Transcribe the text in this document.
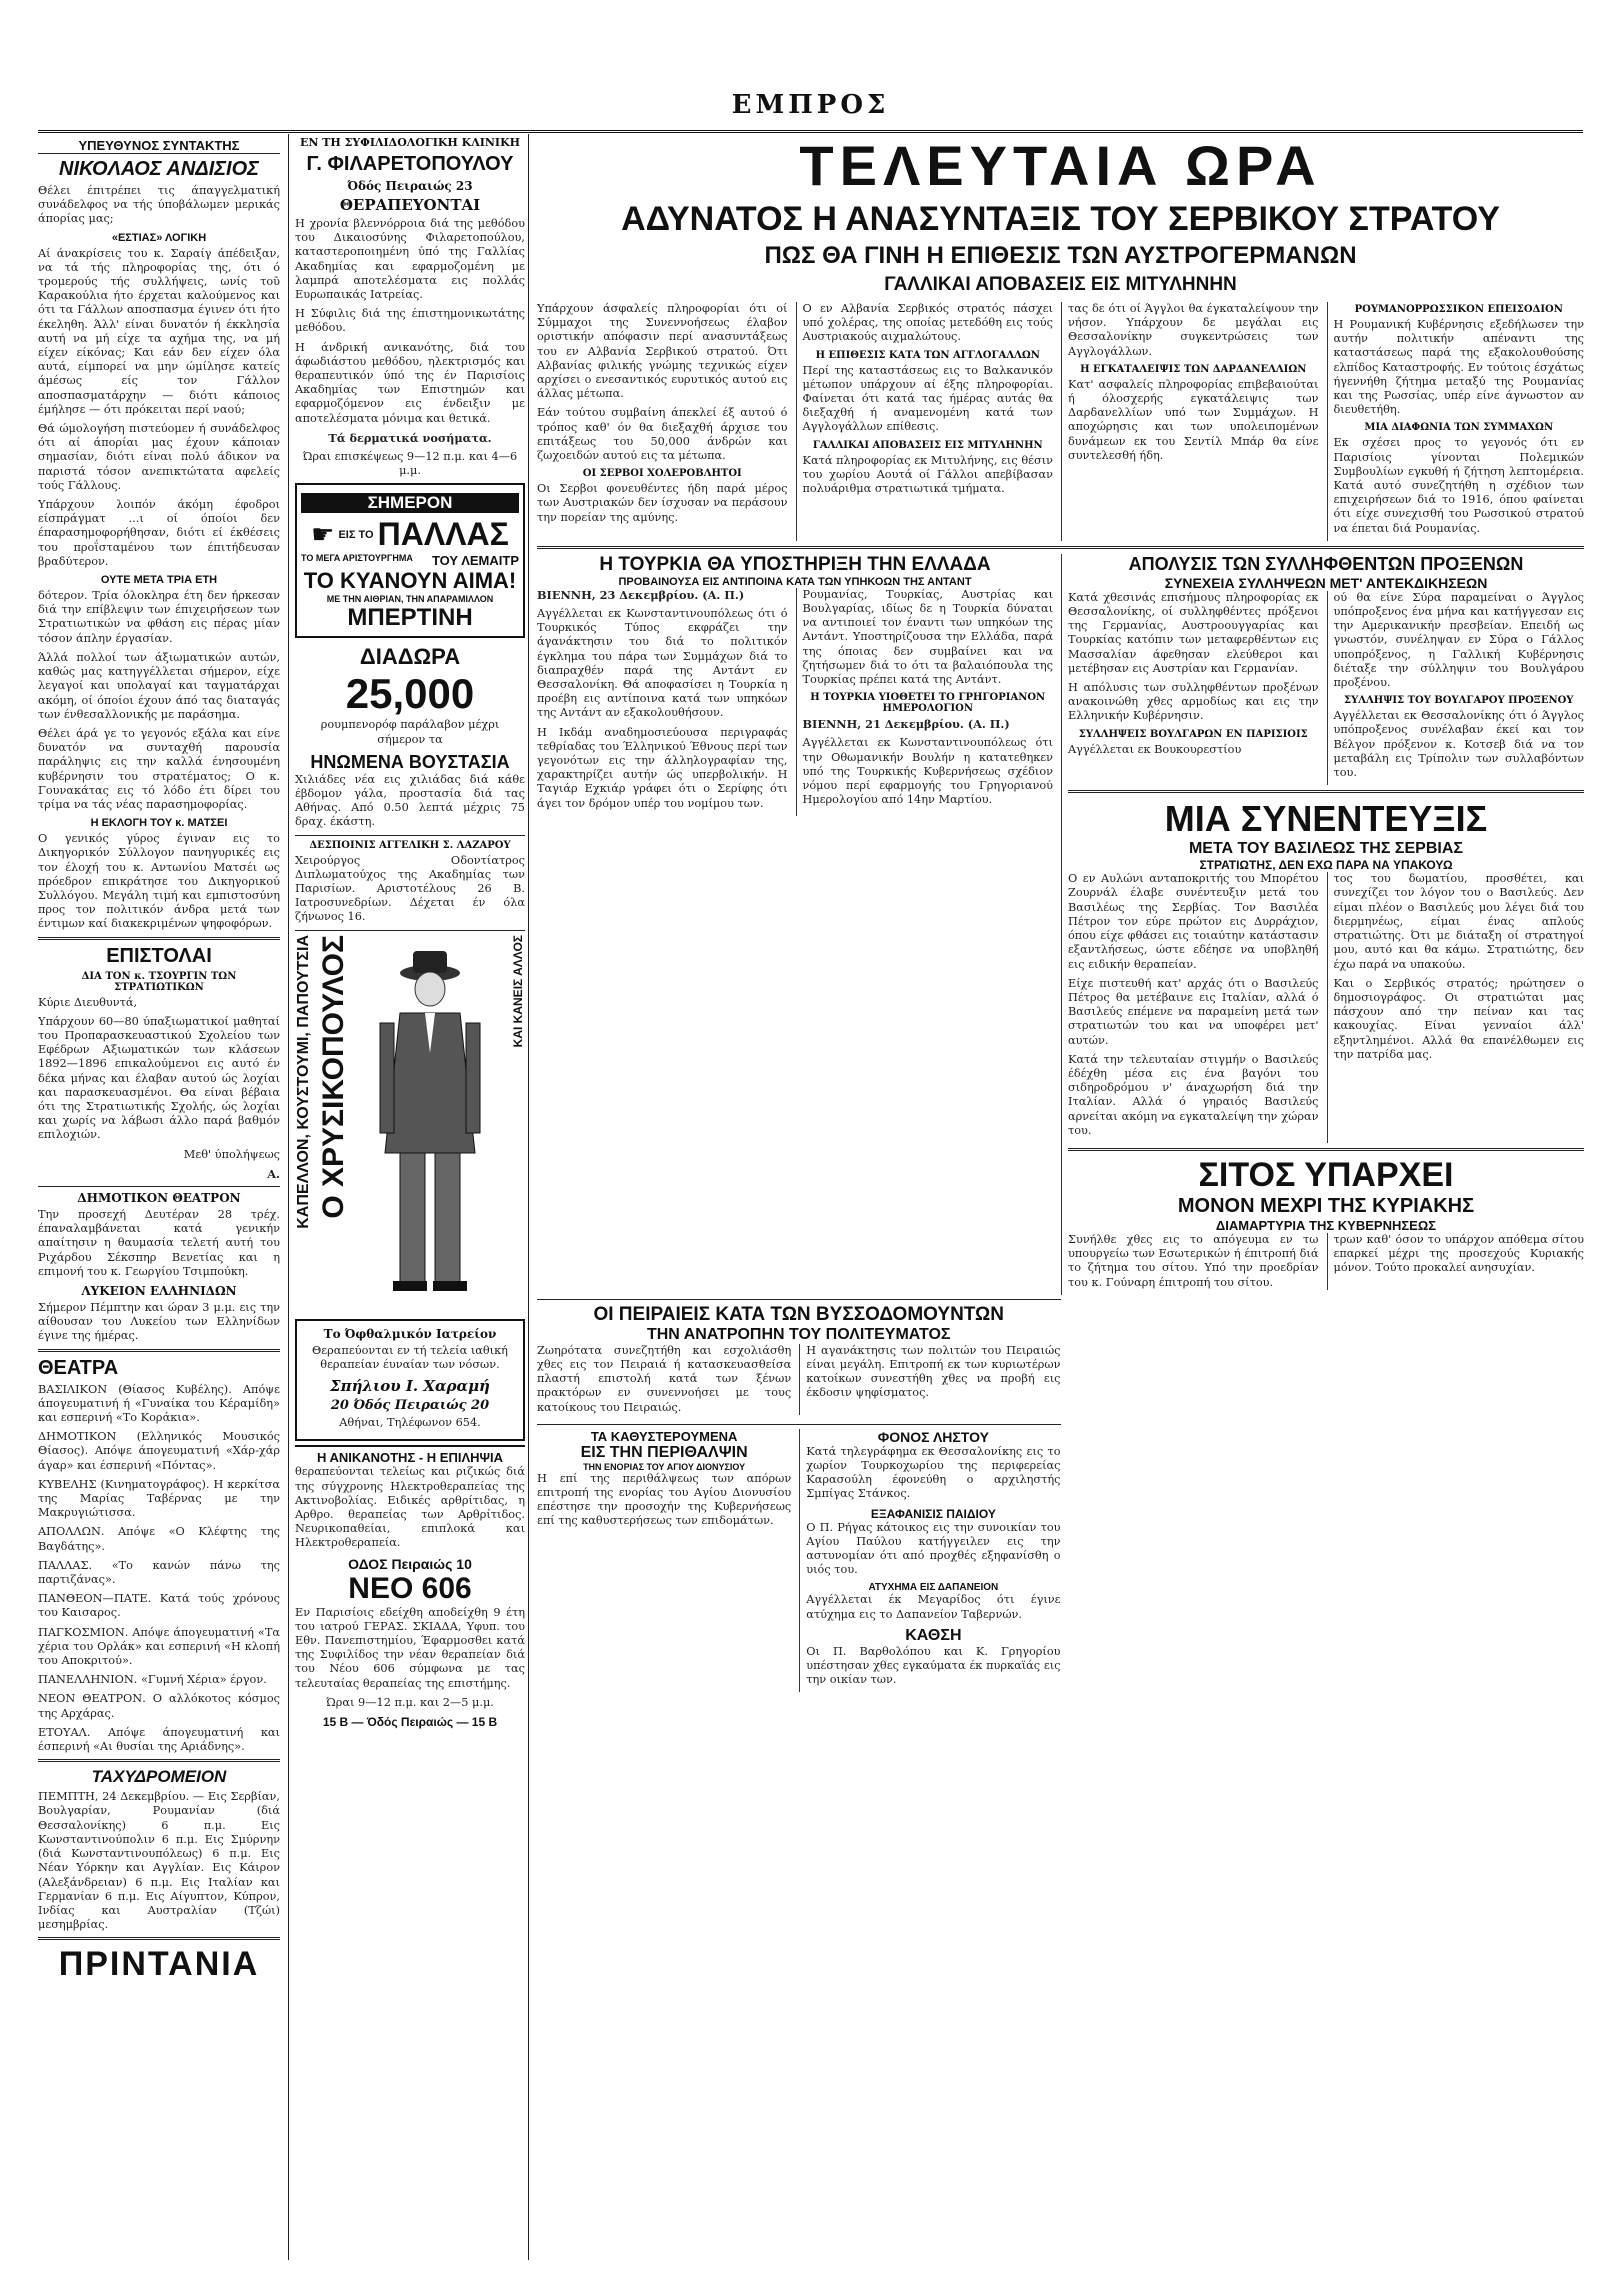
ΕΜΠΡΟΣ
ΥΠΕΥΘΥΝΟΣ ΣΥΝΤΑΚΤΗΣ
ΝΙΚΟΛΑΟΣ ΑΝΔΙΣΙΟΣ

Θέλει έπιτρέπει τις άπαγγελματική συνάδελφος να τής ύποβάλωμεν μερικάς άπορίας μας;

«ΕΣΤΙΑΣ» ΛΟΓΙΚΗ

Αί άνακρίσεις του κ. Σαραίγ άπέδειξαν, να τά τής πληροφορίας της, ότι ό τρομερούς τής συλλήψεις, ωνίς τοῦ Καρακούλια ήτο έρχεται καλούμενος και ότι τα Γάλλων αποσπασμα έγινεν ότι ήτο έκεληθη. Άλλ' είναι δυνατόν ή έκκλησία αυτή να μή είχε τα αχήμα της, να μή είχεν είκόνας; Και εάν δεν είχεν όλα αυτά, είμπορεί να μην ώμίλησε κατείς άμέσως είς τον Γάλλον αποσπασματάρχην — διότι κάποιος έμήλησε — ότι πρόκειται περί ναού;

Θά ώμολογήση πιστεύομεν ή συνάδελφος ότι αί άπορίαι μας έχουν κάποιαν σημασίαν, διότι είναι πολύ άδικον να παριστά τόσον ανεπικτώτατα αφελείς τούς Γάλλους.

Υπάρχουν λοιπόν άκόμη έφοδροι είσπράγματ ...ι οί όποίοι δεν έπαρασημοφορήθησαν, διότι εί έκθέσεις του προΐσταμένου των έπιτήδευσαν βραδύτερον.

ΟΥΤΕ ΜΕΤΑ ΤΡΙΑ ΕΤΗ

δότερον. Τρία όλοκληρα έτη δεν ήρκεσαν διά την επίβλεψιν των έπιχειρήσεων των Στρατιωτικών να φθάση εις πέρας μίαν τόσον άπλην έργασίαν.

Άλλά πολλοί των άξιωματικών αυτών, καθώς μας κατηγγέλλεται σήμερον, είχε λεγαγοί και υπολαγαί και ταγματάρχαι ακόμη, οί όποίοι έχουν άπό τας διαταγάς των ένθεσαλλονικής με παράσημα.

Θέλει άρά γε το γεγονός εξάλα και είνε δυνατόν να συνταχθή παρουσία παράληψις εις την καλλά ένησουμένη κυβέρνησιν του στρατέματος; Ο κ. Γουνακάτας εις τό λόδο έτι δίρει του τρίμα να τάς νέας παρασημοφορίας.

Η ΕΚΛΟΓΗ ΤΟΥ κ. ΜΑΤΣΕΙ

Ο γενικός γύρος έγιναν εις το Δικηγορικόν Σύλλογον πανηγυρικές εις τον έλοχή του κ. Αντωνίου Ματσέι ως πρόεδρον επικράτησε του Δικηγορικού Συλλόγου. Μεγάλη τιμή και εμπιστοσύνη προς τον πολιτικόν άνδρα μετά των έντιμων καί διακεκριμένων ψηφοφόρων.

ΕΠΙΣΤΟΛΑΙ
ΔΙΑ ΤΟΝ κ. ΤΣΟΥΡΓΙΝ ΤΩΝ ΣΤΡΑΤΙΩΤΙΚΩΝ

Κύριε Διευθυντά,

Υπάρχουν 60—80 ύπαξιωματικοί μαθηταί του Προπαρασκευαστικού Σχολείου των Εφέδρων Αξιωματικών των κλάσεων 1892—1896 επικαλούμενοι εις αυτό έν δέκα μήνας και έλαβαν αυτού ώς λοχίαι και παρασκευασμένοι. Θα είναι βέβαια ότι της Στρατιωτικής Σχολής, ώς λοχίαι και χωρίς να λάβωσι άλλο παρά βαθμόν επιλοχιών.

Μεθ' ύπολήψεως

Α.

ΔΗΜΟΤΙΚΟΝ ΘΕΑΤΡΟΝ

Την προσεχή Δευτέραν 28 τρέχ. έπαναλαμβάνεται κατά γενικήν απαίτησιν η θαυμασία τελετή αυτή του Ριχάρδου Σέκσπηρ Βενετίας και η επιμονή του κ. Γεωργίου Τσιμπούκη.

ΛΥΚΕΙΟΝ ΕΛΛΗΝΙΔΩΝ

Σήμερον Πέμπτην και ώραν 3 μ.μ. εις την αίθουσαν του Λυκείου των Ελληνίδων έγινε της ήμέρας.

ΘΕΑΤΡΑ

ΒΑΣΙΛΙΚΟΝ (Θίασος Κυβέλης). Απόψε άπογευματινή ή «Γυναίκα του Κέραμίδη» και εσπερινή «Το Κοράκια».

ΔΗΜΟΤΙΚΟΝ (Ελληνικός Μουσικός Θίασος). Απόψε άπογευματινή «Χάρ-χάρ άγαρ» και έσπερινή «Πόντας».

ΚΥΒΕΛΗΣ (Κινηματογράφος). Η κερκίτσα της Μαρίας Ταβέρνας με την Μακρυγιώτισσα.

ΑΠΟΛΛΩΝ. Απόψε «Ο Κλέφτης της Βαγδάτης».

ΠΑΛΛΑΣ. «Το κανών πάνω της παρτιζάνας».

ΠΑΝΘΕΟΝ—ΠΑΤΕ. Κατά τούς χρόνους του Καισαρος.

ΠΑΓΚΟΣΜΙΟΝ. Απόψε άπογευματινή «Τα χέρια του Ορλάκ» και εσπερινή «Η κλοπή του Αποκριτού».

ΠΑΝΕΛΛΗΝΙΟΝ. «Γυμνή Χέρια» έργον.

ΝΕΟΝ ΘΕΑΤΡΟΝ. Ο αλλόκοτος κόσμος της Αρχάρας.

ΕΤΟΥΑΛ. Απόψε άπογευματινή και έσπερινή «Αι θυσίαι της Αριάδνης».

ΤΑΧΥΔΡΟΜΕΙΟΝ

ΠΕΜΠΤΗ, 24 Δεκεμβρίου. — Εις Σερβίαν, Βουλγαρίαν, Ρουμανίαν (διά Θεσσαλονίκης) 6 π.μ. Εις Κωνσταντινούπολιν 6 π.μ. Εις Σμύρνην (διά Κωνσταντινουπόλεως) 6 π.μ. Εις Νέαν Υόρκην και Αγγλίαν. Εις Κάιρον (Αλεξάνδρειαν) 6 π.μ. Εις Ιταλίαν και Γερμανίαν 6 π.μ. Εις Αίγυπτον, Κύπρον, Ινδίας και Αυστραλίαν (Τζώι) μεσημβρίας.

ΠΡΙΝΤΑΝΙΑ
ΕΝ ΤΗ ΣΥΦΙΛΙΔΟΛΟΓΙΚΗ ΚΛΙΝΙΚΗ
Γ. ΦΙΛΑΡΕΤΟΠΟΥΛΟΥ
Όδός Πειραιώς 23
ΘΕΡΑΠΕΥΟΝΤΑΙ

Η χρονία βλεννόρροια διά της μεθόδου του Δικαιοσύνης Φιλαρετοπούλου, καταστεροποιημένη ύπό της Γαλλίας Ακαδημίας και εφαρμοζομένη με λαμπρά αποτελέσματα εις πολλάς Ευρωπαικάς Ιατρείας.

Η Σύφιλις διά της έπιστημονικωτάτης μεθόδου.

Η άνδρική ανικανότης, διά του άφωδιάστου μεθόδου, ηλεκτρισμός και θεραπευτικόν ύπό της έν Παρισίοις Ακαδημίας των Επιστημών και εφαρμοζόμενον εις ένδειξιν με αποτελέσματα μόνιμα και θετικά.

Τά δερματικά νοσήματα.

Ώραι επισκέψεως 9—12 π.μ. και 4—6 μ.μ.

ΣΗΜΕΡΟΝ
☛ ΕΙΣ ΤΟ ΠΑΛΛΑΣ
ΤΟ ΜΕΓΑ ΑΡΙΣΤΟΥΡΓΗΜΑ ΤΟΥ ΛΕΜΑΙΤΡ
ΤΟ ΚΥΑΝΟΥΝ ΑΙΜΑ!
ΜΕ ΤΗΝ ΑΙΘΡΙΑΝ, ΤΗΝ ΑΠΑΡΑΜΙΛΛΟΝ
ΜΠΕΡΤΙΝΗ
ΔΙΑΔΩΡΑ
25,000

ρουμπενορόφ παράλαβον μέχρι σήμερον τα

ΗΝΩΜΕΝΑ ΒΟΥΣΤΑΣΙΑ

Χιλιάδες νέα εις χιλιάδας διά κάθε έβδομον γάλα, προστασία διά τας Αθήνας. Από 0.50 λεπτά μέχρις 75 δραχ. έκάστη.

ΔΕΣΠΟΙΝΙΣ ΑΓΓΕΛΙΚΗ Σ. ΛΑΖΑΡΟΥ

Χειρούργος Οδοντίατρος Διπλωματούχος της Ακαδημίας των Παρισίων. Αριστοτέλους 26 Β. Ιατροσυνεδρίων. Δέχεται έν όλα ζήνωνος 16.

ΚΑΠΕΛΛΟΝ, ΚΟΥΣΤΟΥΜΙ, ΠΑΠΟΥΤΣΙΑ Ο ΧΡΥΣΙΚΟΠΟΥΛΟΣ	ΚΑΙ ΚΑΝΕΙΣ ΑΛΛΟΣ
Το Όφθαλμικόν Ιατρείον

Θεραπεύονται εν τή τελεία ιαθική θεραπείαν έυναίαν των νόσων.

Σπήλιου Ι. Χαραμή
20 Όδός Πειραιώς 20

Αθήναι, Τηλέφωνον 654.

Η ΑΝΙΚΑΝΟΤΗΣ - Η ΕΠΙΛΗΨΙΑ

θεραπεύονται τελείως και ριζικώς διά της σύγχρονης Ηλεκτροθεραπείας της Ακτινοβολίας. Ειδικές αρθρίτιδας, η Αρθρο. θεραπείας των Αρθρίτιδος. Νευρικοπαθείαι, επιπλοκά και Ηλεκτροθεραπεία.

ΟΔΟΣ Πειραιώς 10
ΝΕΟ 606

Εν Παρισίοις εδείχθη αποδείχθη 9 έτη του ιατρού ΓΕΡΑΣ. ΣΚΙΑΔΑ, Υφυπ. του Εθν. Πανεπιστημίου, Έφαρμοσθει κατά της Συφιλίδος την νέαν θεραπείαν διά του Νέου 606 σύμφωνα με τας τελευταίας θεραπείας της επιστήμης.

Ώραι 9—12 π.μ. και 2—5 μ.μ.

15 Β — Όδός Πειραιώς — 15 Β
ΤΕΛΕΥΤΑΙΑ ΩΡΑ
ΑΔΥΝΑΤΟΣ Η ΑΝΑΣΥΝΤΑΞΙΣ ΤΟΥ ΣΕΡΒΙΚΟΥ ΣΤΡΑΤΟΥ
ΠΩΣ ΘΑ ΓΙΝΗ Η ΕΠΙΘΕΣΙΣ ΤΩΝ ΑΥΣΤΡΟΓΕΡΜΑΝΩΝ
ΓΑΛΛΙΚΑΙ ΑΠΟΒΑΣΕΙΣ ΕΙΣ ΜΙΤΥΛΗΝΗΝ

Υπάρχουν άσφαλείς πληροφορίαι ότι οί Σύμμαχοι της Συνεννοήσεως έλαβον οριστικήν απόφασιν περί ανασυντάξεως του εν Αλβανία Σερβικού στρατού. Ότι Αλβανίας φιλικής γνώμης τεχνικώς είχεν αρχίσει ο ενεσαντικός ευρυτικός αυτού εις άλλας μέτωπα.

Εάν τούτου συμβαίνη άπεκλεί έξ αυτού ό τρόπος καθ' όν θα διεξαχθή άρχισε του επιτάξεως του 50,000 άνδρών και ζωχοειδών αυτού εις τα μέτωπα.

ΟΙ ΣΕΡΒΟΙ ΧΟΛΕΡΟΒΛΗΤΟΙ

Οι Σερβοι φονευθέντες ήδη παρά μέρος των Αυστριακών δεν ίσχυσαν να περάσουν την πορείαν της αμύνης.

Ο εν Αλβανία Σερβικός στρατός πάσχει υπό χολέρας, της οποίας μετεδόθη εις τούς Αυστριακούς αιχμαλώτους.

Η ΕΠΙΘΕΣΙΣ ΚΑΤΑ ΤΩΝ ΑΓΓΛΟΓΑΛΛΩΝ

Περί της καταστάσεως εις το Βαλκανικόν μέτωπον υπάρχουν αί έξης πληροφορίαι. Φαίνεται ότι κατά τας ήμέρας αυτάς θα διεξαχθή ή αναμενομένη κατά των Αγγλογάλλων επίθεσις.

ΓΑΛΛΙΚΑΙ ΑΠΟΒΑΣΕΙΣ ΕΙΣ ΜΙΤΥΛΗΝΗΝ

Κατά πληροφορίας εκ Μιτυλήνης, εις θέσιν του χωρίου Αουτά οί Γάλλοι απεβίβασαν πολυάριθμα στρατιωτικά τμήματα.

τας δε ότι οί Άγγλοι θα έγκαταλείψουν την νήσον. Υπάρχουν δε μεγάλαι εις Θεσσαλονίκην συγκεντρώσεις των Αγγλογάλλων.

Η ΕΓΚΑΤΑΛΕΙΨΙΣ ΤΩΝ ΔΑΡΔΑΝΕΛΛΙΩΝ

Κατ' ασφαλείς πληροφορίας επιβεβαιούται ή όλοσχερής εγκατάλειψις των Δαρδανελλίων υπό των Συμμάχων. Η αποχώρησις και των υπολειπομένων δυνάμεων εκ του Σεντίλ Μπάρ θα είνε συντελεσθή ήδη.

ΡΟΥΜΑΝΟΡΡΩΣΣΙΚΟΝ ΕΠΕΙΣΟΔΙΟΝ

Η Ρουμανική Κυβέρνησις εξεδήλωσεν την αυτήν πολιτικήν απέναντι της καταστάσεως παρά της εξακολουθούσης ελπίδος Καταστροφής. Εν τούτοις έσχάτως ήγεννήθη ζήτημα μεταξύ της Ρουμανίας και της Ρωσσίας, υπέρ είνε άγνωστον αν διευθετήθη.

ΜΙΑ ΔΙΑΦΩΝΙΑ ΤΩΝ ΣΥΜΜΑΧΩΝ

Εκ σχέσει προς το γεγονός ότι εν Παρισίοις γίνονται Πολεμικών Συμβουλίων εγκυθή ή ζήτηση λεπτομέρεια. Κατά αυτό συνεζητήθη η σχέδιον των επιχειρήσεων διά το 1916, όπου φαίνεται ότι είχε συνεχισθή του Ρωσσικού στρατού να έπεται διά Ρουμανίας.

Η ΤΟΥΡΚΙΑ ΘΑ ΥΠΟΣΤΗΡΙΞΗ ΤΗΝ ΕΛΛΑΔΑ
ΠΡΟΒΑΙΝΟΥΣΑ ΕΙΣ ΑΝΤΙΠΟΙΝΑ ΚΑΤΑ ΤΩΝ ΥΠΗΚΟΩΝ ΤΗΣ ΑΝΤΑΝΤ

ΒΙΕΝΝΗ, 23 Δεκεμβρίου. (Α. Π.)

Αγγέλλεται εκ Κωνσταντινουπόλεως ότι ό Τουρκικός Τύπος εκφράζει την άγανάκτησιν του διά το πολιτικόν έγκλημα του πάρα των Συμμάχων διά το διαπραχθέν παρά της Αντάντ εν Θεσσαλονίκη. Θά αποφασίσει η Τουρκία η προέβη εις αντίποινα κατά των υπηκόων της Αντάντ αν εξακολουθήσουν.

Η Ικδάμ αναδημοσιεύουσα περιγραφάς τεθρίαδας του Έλληνικού Έθνους περί των γεγονότων εις την άλληλογραφίαν της, χαρακτηρίζει αυτήν ώς υπερβολικήν. Η Ταγιάρ Εχκιάρ γράφει ότι ο Σερίφης ότι άγει τον δρόμον υπέρ του νομίμου των.

Ρουμανίας, Τουρκίας, Αυστρίας και Βουλγαρίας, ιδίως δε η Τουρκία δύναται να αντιποιεί τον έναντι των υπηκόων της Αντάντ. Υποστηρίζουσα την Ελλάδα, παρά της όποιας δεν συμβαίνει και να ζητήσωμεν διά το ότι τα βαλαιόπουλα της Τουρκίας πρέπει κατά της Αντάντ.

Η ΤΟΥΡΚΙΑ ΥΙΟΘΕΤΕΙ ΤΟ ΓΡΗΓΟΡΙΑΝΟΝ ΗΜΕΡΟΛΟΓΙΟΝ

ΒΙΕΝΝΗ, 21 Δεκεμβρίου. (Α. Π.)

Αγγέλλεται εκ Κωνσταντινουπόλεως ότι την Οθωμανικήν Βουλήν η κατατεθηκεν υπό της Τουρκικής Κυβερνήσεως σχέδιον νόμου περί εφαρμογής του Γρηγοριανού Ημερολογίου από 14ην Μαρτίου.

ΑΠΟΛΥΣΙΣ ΤΩΝ ΣΥΛΛΗΦΘΕΝΤΩΝ ΠΡΟΞΕΝΩΝ
ΣΥΝΕΧΕΙΑ ΣΥΛΛΗΨΕΩΝ ΜΕΤ' ΑΝΤΕΚΔΙΚΗΣΕΩΝ

Κατά χθεσινάς επισήμους πληροφορίας εκ Θεσσαλονίκης, οί συλληφθέντες πρόξενοι της Γερμανίας, Αυστροουγγαρίας και Τουρκίας κατόπιν των μεταφερθέντων εις Μασσαλίαν άφεθησαν ελεύθεροι και μετέβησαν εις Αυστρίαν και Γερμανίαν.

Η απόλυσις των συλληφθέντων προξένων ανακοινώθη χθες αρμοδίως και εις την Ελληνικήν Κυβέρνησιν.

ΣΥΛΛΗΨΕΙΣ ΒΟΥΛΓΑΡΩΝ ΕΝ ΠΑΡΙΣΙΟΙΣ

Αγγέλλεται εκ Βουκουρεστίου

ού θα είνε Σύρα παραμείναι ο Άγγλος υπόπροξενος ένα μήνα και κατήγγεσαν εις την Αμερικανικήν πρεσβείαν. Επειδή ως γνωστόν, συνέληψαν εν Σύρα ο Γάλλος υποπρόξενος, η Γαλλική Κυβέρνησις διέταξε την σύλληψιν του Βουλγάρου προξένου.

ΣΥΛΛΗΨΙΣ ΤΟΥ ΒΟΥΛΓΑΡΟΥ ΠΡΟΞΕΝΟΥ

Αγγέλλεται εκ Θεσσαλονίκης ότι ό Άγγλος υπόπροξενος συνέλαβαν έκεί και τον Βέλγον πρόξενον κ. Κοτσεβ διά να τον μεταβάλη εις Τρίπολιν των συλλαβόντων του.

ΜΙΑ ΣΥΝΕΝΤΕΥΞΙΣ
ΜΕΤΑ ΤΟΥ ΒΑΣΙΛΕΩΣ ΤΗΣ ΣΕΡΒΙΑΣ
ΣΤΡΑΤΙΩΤΗΣ, ΔΕΝ ΕΧΩ ΠΑΡΑ ΝΑ ΥΠΑΚΟΥΩ

Ο εν Αυλώνι ανταποκριτής του Μπορέτου Ζουρνάλ έλαβε συνέντευξιν μετά του Βασιλέως της Σερβίας. Τον Βασιλέα Πέτρον τον εύρε πρώτον εις Δυρράχιον, όπου είχε φθάσει εις τοιαύτην κατάστασιν εξαντλήσεως, ώστε εδέησε να υποβληθή εις ειδικήν θεραπείαν.

Είχε πιστευθή κατ' αρχάς ότι ο Βασιλεύς Πέτρος θα μετέβαινε εις Ιταλίαν, αλλά ό Βασιλεύς επέμενε να παραμείνη μετά των στρατιωτών του και να υποφέρει μετ' αυτών.

Κατά την τελευταίαν στιγμήν ο Βασιλεύς έδέχθη μέσα εις ένα βαγόνι του σιδηροδρόμου ν' άναχωρήση διά την Ιταλίαν. Αλλά ό γηραιός Βασιλεύς αρνείται ακόμη να εγκαταλείψη την χώραν του.

τος του δωματίου, προσθέτει, και συνεχίζει τον λόγον του ο Βασιλεύς. Δεν είμαι πλέον ο Βασιλεύς μου λέγει διά του διερμηνέως, είμαι ένας απλούς στρατιώτης. Ότι με διάταξη οί στρατηγοί μου, αυτό και θα κάμω. Στρατιώτης, δεν έχω παρά να υπακούω.

Και ο Σερβικός στρατός; ηρώτησεν ο δημοσιογράφος. Οι στρατιώται μας πάσχουν από την πείναν και τας κακουχίας. Είναι γενναίοι άλλ' εξηντλημένοι. Αλλά θα επανέλθωμεν εις την πατρίδα μας.

ΣΙΤΟΣ ΥΠΑΡΧΕΙ
ΜΟΝΟΝ ΜΕΧΡΙ ΤΗΣ ΚΥΡΙΑΚΗΣ
ΔΙΑΜΑΡΤΥΡΙΑ ΤΗΣ ΚΥΒΕΡΝΗΣΕΩΣ

Συνήλθε χθες εις το απόγευμα εν τω υπουργείω των Εσωτερικών ή έπιτροπή διά το ζήτημα του σίτου. Υπό την προεδρίαν του κ. Γούναρη έπιτροπή του σίτου.

τρων καθ' όσον το υπάρχον απόθεμα σίτου επαρκεί μέχρι της προσεχούς Κυριακής μόνον. Τούτο προκαλεί ανησυχίαν.

ΟΙ ΠΕΙΡΑΙΕΙΣ ΚΑΤΑ ΤΩΝ ΒΥΣΣΟΔΟΜΟΥΝΤΩΝ
ΤΗΝ ΑΝΑΤΡΟΠΗΝ ΤΟΥ ΠΟΛΙΤΕΥΜΑΤΟΣ

Ζωηρότατα συνεζητήθη και εσχολιάσθη χθες εις τον Πειραιά ή κατασκευασθείσα πλαστή επιστολή κατά των ξένων πρακτόρων εν συνεννοήσει με τους κατοίκους του Πειραιώς.

Η αγανάκτησις των πολιτών του Πειραιώς είναι μεγάλη. Επιτροπή εκ των κυριωτέρων κατοίκων συνεστήθη χθες να προβή εις έκδοσιν ψηφίσματος.

ΤΑ ΚΑΘΥΣΤΕΡΟΥΜΕΝΑ
ΕΙΣ ΤΗΝ ΠΕΡΙΘΑΛΨΙΝ
ΤΗΝ ΕΝΟΡΙΑΣ ΤΟΥ ΑΓΙΟΥ ΔΙΟΝΥΣΙΟΥ

Η επί της περιθάλψεως των απόρων επιτροπή της ενορίας του Αγίου Διονυσίου επέστησε την προσοχήν της Κυβερνήσεως επί της καθυστερήσεως των επιδομάτων.

ΦΟΝΟΣ ΛΗΣΤΟΥ

Κατά τηλεγράφημα εκ Θεσσαλονίκης εις το χωρίον Τουρκοχωρίου της περιφερείας Καρασούλη έφονεύθη ο αρχιληστής Σμπίγας Στάνκος.

ΕΞΑΦΑΝΙΣΙΣ ΠΑΙΔΙΟΥ

Ο Π. Ρήγας κάτοικος εις την συνοικίαν του Αγίου Παύλου κατήγγειλεν εις την αστυνομίαν ότι από προχθές εξηφανίσθη ο υιός του.

ΑΤΥΧΗΜΑ ΕΙΣ ΔΑΠΑΝΕΙΟΝ

Αγγέλλεται έκ Μεγαρίδος ότι έγινε ατύχημα εις το Δαπανείον Ταβερνών.

ΚΑΘΣΗ

Οι Π. Βαρθολόπου και Κ. Γρηγορίου υπέστησαν χθες εγκαύματα έκ πυρκαϊάς εις την οικίαν των.
